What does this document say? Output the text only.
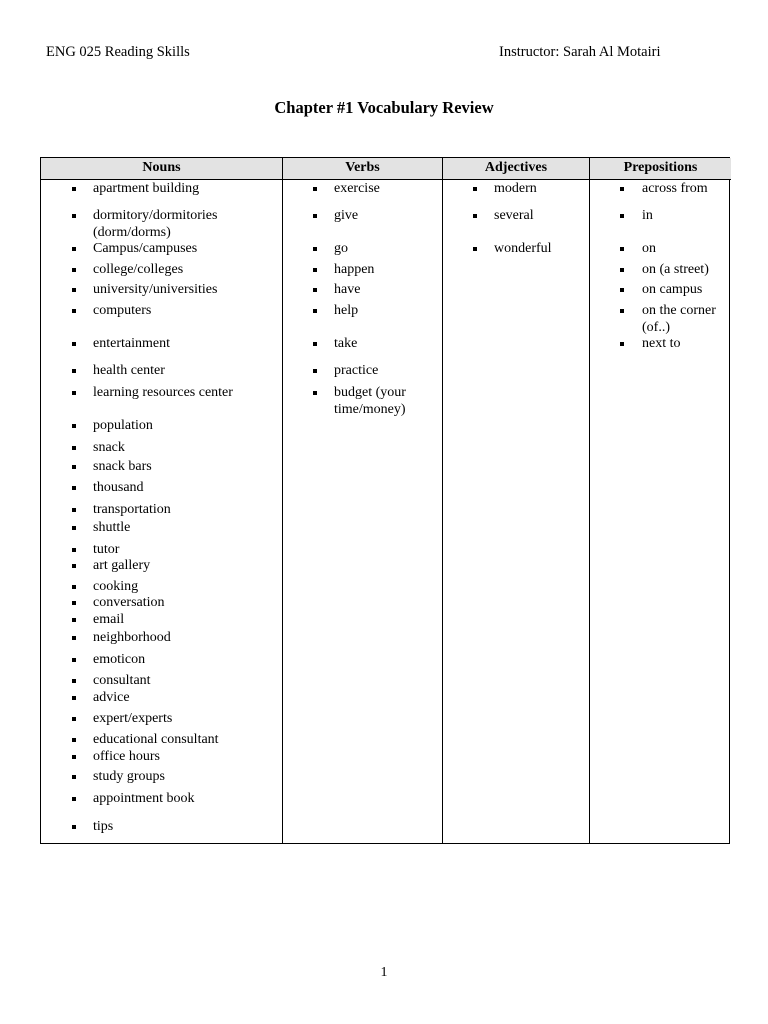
ENG 025 Reading Skills	Instructor: Sarah Al Motairi
Chapter #1 Vocabulary Review
Nouns
apartment building
dormitory/dormitories (dorm/dorms)
Campus/campuses
college/colleges
university/universities
computers
entertainment
health center
learning resources center
population
snack
snack bars
thousand
transportation
shuttle
tutor
art gallery
cooking
conversation
email
neighborhood
emoticon
consultant
advice
expert/experts
educational consultant
office hours
study groups
appointment book
tips
Verbs
exercise
give
go
happen
have
help
take
practice
budget (your time/money)
Adjectives
modern
several
wonderful
Prepositions
across from
in
on
on (a street)
on campus
on the corner (of..)
next to
1
